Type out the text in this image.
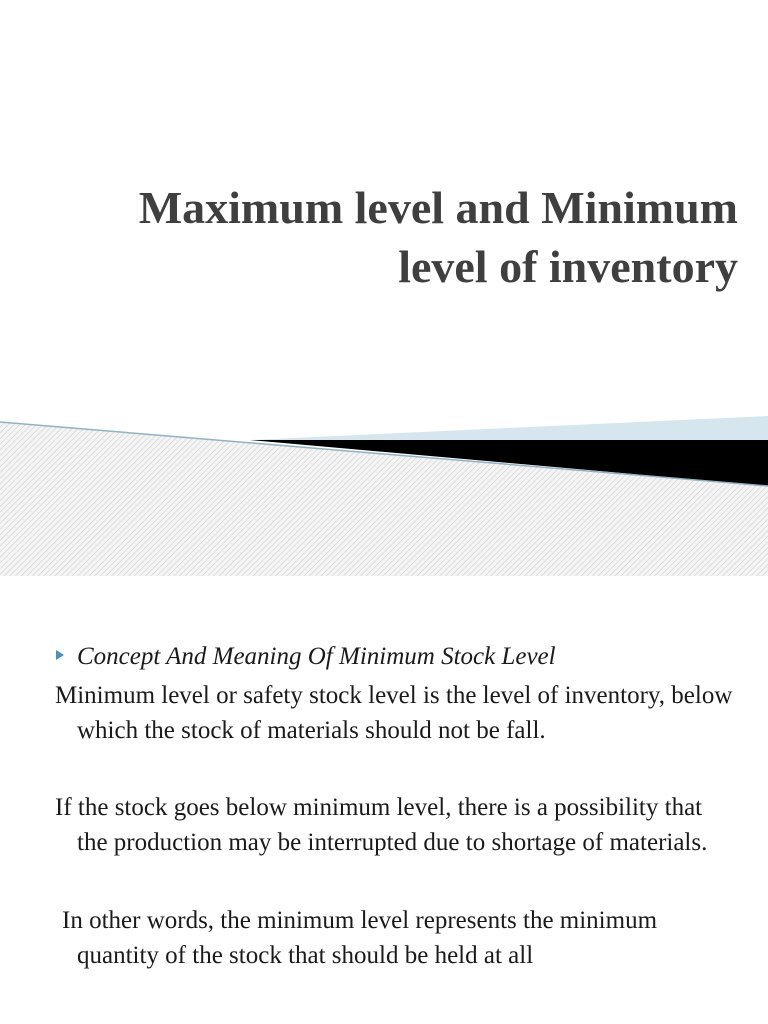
Maximum level and Minimum
level of inventory
Concept And Meaning Of Minimum Stock Level

Minimum level or safety stock level is the level of inventory, below which the stock of materials should not be fall.

If the stock goes below minimum level, there is a possibility that the production may be interrupted due to shortage of materials.

In other words, the minimum level represents the minimum quantity of the stock that should be held at all
